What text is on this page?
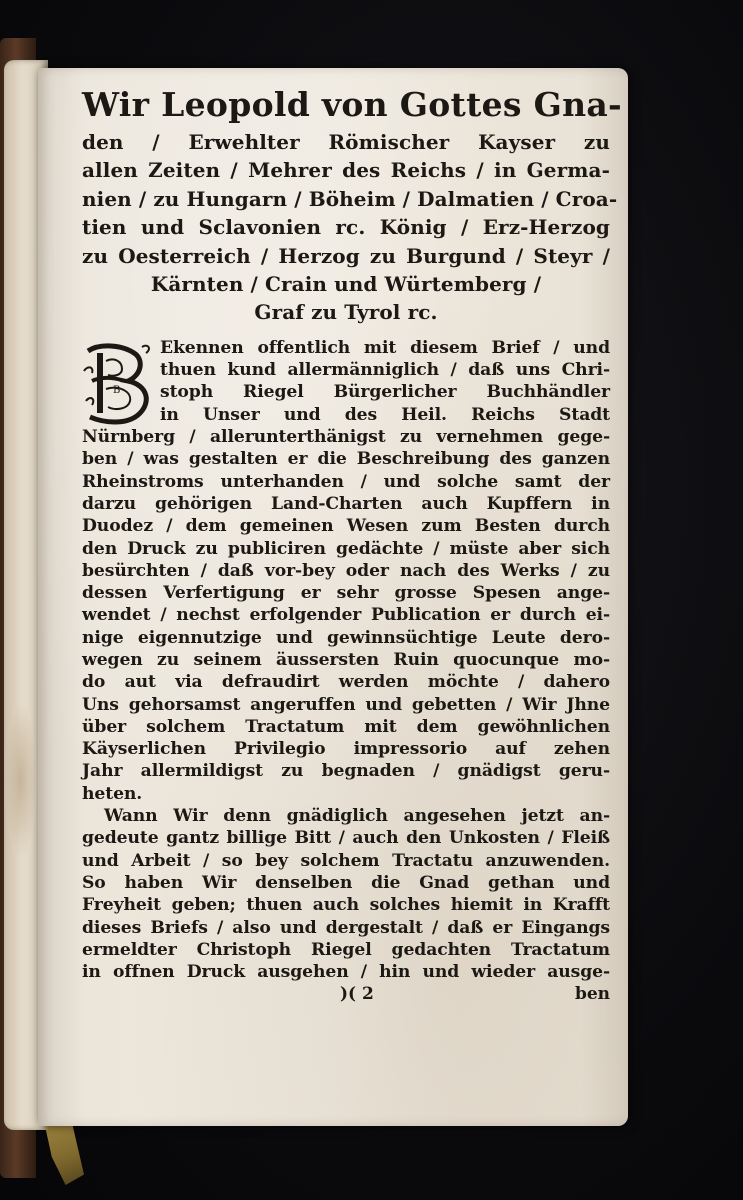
Wir Leopold von Gottes Gna-
den / Erwehlter Römischer Kayser zu
allen Zeiten / Mehrer des Reichs / in Germa-
nien / zu Hungarn / Böheim / Dalmatien / Croa-
tien und Sclavonien rc. König / Erz-Herzog
zu Oesterreich / Herzog zu Burgund / Steyr /
Kärnten / Crain und Würtemberg /
Graf zu Tyrol rc.
B
Ekennen offentlich mit diesem Brief / und
thuen kund allermänniglich / daß uns Chri-
stoph Riegel Bürgerlicher Buchhändler
in Unser und des Heil. Reichs Stadt
Nürnberg / allerunterthänigst zu vernehmen gege-
ben / was gestalten er die Beschreibung des ganzen
Rheinstroms unterhanden / und solche samt der
darzu gehörigen Land-Charten auch Kupffern in
Duodez / dem gemeinen Wesen zum Besten durch
den Druck zu publiciren gedächte / müste aber sich
besürchten / daß vor-bey oder nach des Werks / zu
dessen Verfertigung er sehr grosse Spesen ange-
wendet / nechst erfolgender Publication er durch ei-
nige eigennutzige und gewinnsüchtige Leute dero-
wegen zu seinem äussersten Ruin quocunque mo-
do aut via defraudirt werden möchte / dahero
Uns gehorsamst angeruffen und gebetten / Wir Jhne
über solchem Tractatum mit dem gewöhnlichen
Käyserlichen Privilegio impressorio auf zehen
Jahr allermildigst zu begnaden / gnädigst geru-
heten.
Wann Wir denn gnädiglich angesehen jetzt an-
gedeute gantz billige Bitt / auch den Unkosten / Fleiß
und Arbeit / so bey solchem Tractatu anzuwenden.
So haben Wir denselben die Gnad gethan und
Freyheit geben; thuen auch solches hiemit in Krafft
dieses Briefs / also und dergestalt / daß er Eingangs
ermeldter Christoph Riegel gedachten Tractatum
in offnen Druck ausgehen / hin und wieder ausge-
)( 2	ben
